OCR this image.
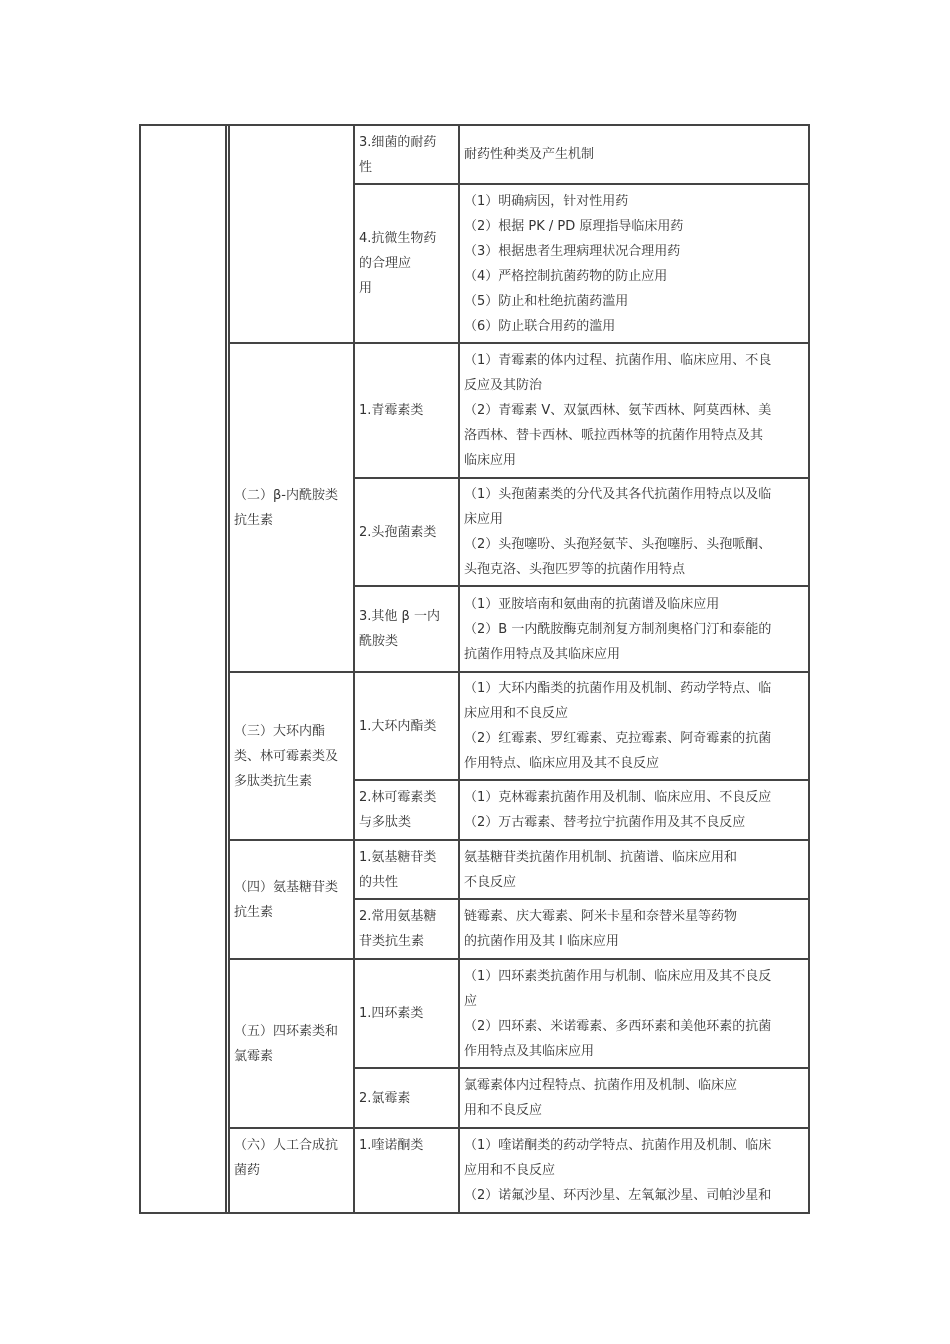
3.细菌的耐药
性
耐药性种类及产生机制
4.抗微生物药
的合理应
用
（1）明确病因，针对性用药
（2）根据 PK / PD 原理指导临床用药
（3）根据患者生理病理状况合理用药
（4）严格控制抗菌药物的防止应用
（5）防止和杜绝抗菌药滥用
（6）防止联合用药的滥用
（二）β-内酰胺类
抗生素
1.青霉素类
（1）青霉素的体内过程、抗菌作用、临床应用、不良
反应及其防治
（2）青霉素 V、双氯西林、氨苄西林、阿莫西林、美
洛西林、替卡西林、哌拉西林等的抗菌作用特点及其
临床应用
2.头孢菌素类
（1）头孢菌素类的分代及其各代抗菌作用特点以及临
床应用
（2）头孢噻吩、头孢羟氨苄、头孢噻肟、头孢哌酮、
头孢克洛、头孢匹罗等的抗菌作用特点
3.其他 β 一内
酰胺类
（1）亚胺培南和氨曲南的抗菌谱及临床应用
（2）B 一内酰胺酶克制剂复方制剂奥格门汀和泰能的
抗菌作用特点及其临床应用
（三）大环内酯
类、林可霉素类及
多肽类抗生素
1.大环内酯类
（1）大环内酯类的抗菌作用及机制、药动学特点、临
床应用和不良反应
（2）红霉素、罗红霉素、克拉霉素、阿奇霉素的抗菌
作用特点、临床应用及其不良反应
2.林可霉素类
与多肽类
（1）克林霉素抗菌作用及机制、临床应用、不良反应
（2）万古霉素、替考拉宁抗菌作用及其不良反应
（四）氨基糖苷类
抗生素
1.氨基糖苷类
的共性
氨基糖苷类抗菌作用机制、抗菌谱、临床应用和
不良反应
2.常用氨基糖
苷类抗生素
链霉素、庆大霉素、阿米卡星和奈替米星等药物
的抗菌作用及其 l 临床应用
（五）四环素类和
氯霉素
1.四环素类
（1）四环素类抗菌作用与机制、临床应用及其不良反
应
（2）四环素、米诺霉素、多西环素和美他环素的抗菌
作用特点及其临床应用
2.氯霉素
氯霉素体内过程特点、抗菌作用及机制、临床应
用和不良反应
（六）人工合成抗
菌药
1.喹诺酮类	（1）喹诺酮类的药动学特点、抗菌作用及机制、临床
应用和不良反应
（2）诺氟沙星、环丙沙星、左氧氟沙星、司帕沙星和
